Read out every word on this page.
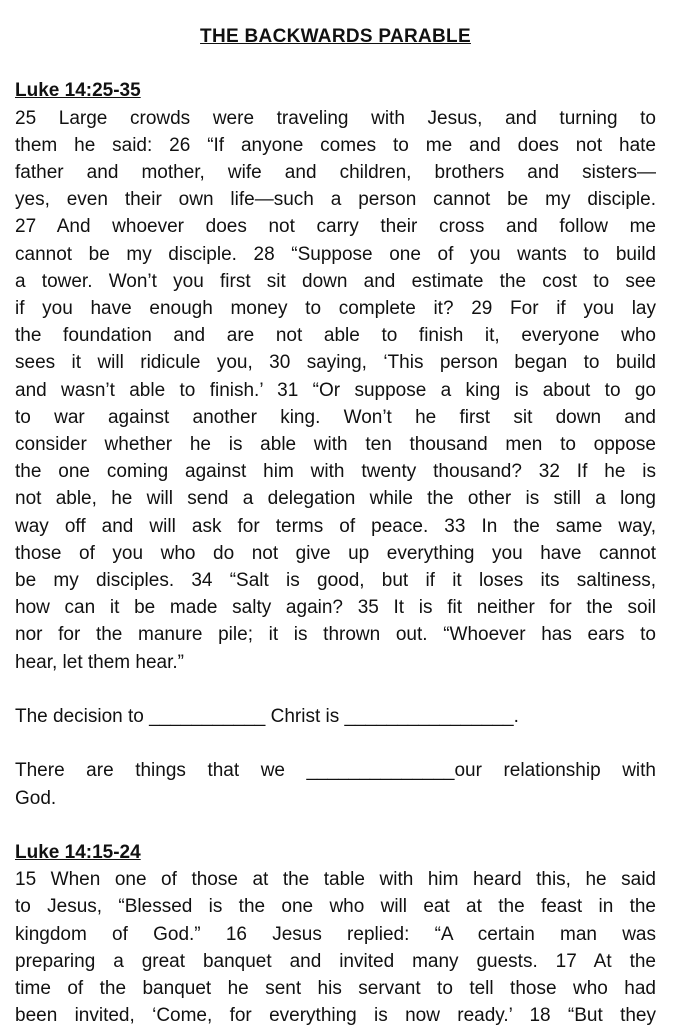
THE BACKWARDS PARABLE
Luke 14:25-35
25 Large crowds were traveling with Jesus, and turning to
them he said: 26 “If anyone comes to me and does not hate
father and mother, wife and children, brothers and sisters—
yes, even their own life—such a person cannot be my disciple.
27 And whoever does not carry their cross and follow me
cannot be my disciple. 28 “Suppose one of you wants to build
a tower. Won’t you first sit down and estimate the cost to see
if you have enough money to complete it? 29 For if you lay
the foundation and are not able to finish it, everyone who
sees it will ridicule you, 30 saying, ‘This person began to build
and wasn’t able to finish.’ 31 “Or suppose a king is about to go
to war against another king. Won’t he first sit down and
consider whether he is able with ten thousand men to oppose
the one coming against him with twenty thousand? 32 If he is
not able, he will send a delegation while the other is still a long
way off and will ask for terms of peace. 33 In the same way,
those of you who do not give up everything you have cannot
be my disciples. 34 “Salt is good, but if it loses its saltiness,
how can it be made salty again? 35 It is fit neither for the soil
nor for the manure pile; it is thrown out. “Whoever has ears to
hear, let them hear.”
The decision to ___________ Christ is ________________.
There are things that we ______________our relationship with
God.
Luke 14:15-24
15 When one of those at the table with him heard this, he said
to Jesus, “Blessed is the one who will eat at the feast in the
kingdom of God.” 16 Jesus replied: “A certain man was
preparing a great banquet and invited many guests. 17 At the
time of the banquet he sent his servant to tell those who had
been invited, ‘Come, for everything is now ready.’ 18 “But they
